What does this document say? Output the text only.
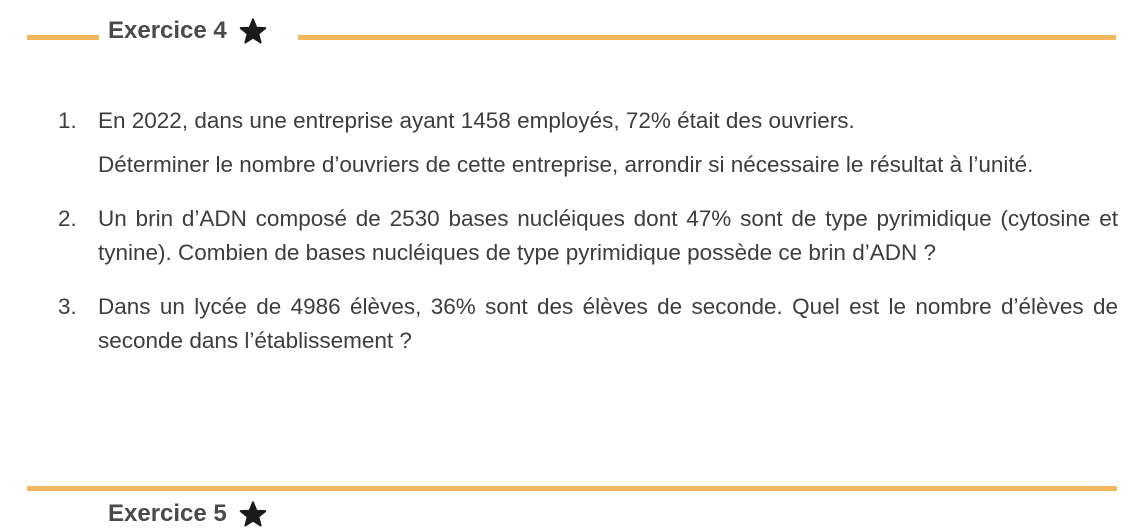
Exercice 4
1. En 2022, dans une entreprise ayant 1458 employés, 72% était des ouvriers.

Déterminer le nombre d’ouvriers de cette entreprise, arrondir si nécessaire le résultat à l’unité.

2. Un brin d’ADN composé de 2530 bases nucléiques dont 47% sont de type pyrimidique (cytosine et tynine). Combien de bases nucléiques de type pyrimidique possède ce brin d’ADN ?

3. Dans un lycée de 4986 élèves, 36% sont des élèves de seconde. Quel est le nombre d’élèves de seconde dans l’établissement ?

Exercice 5
